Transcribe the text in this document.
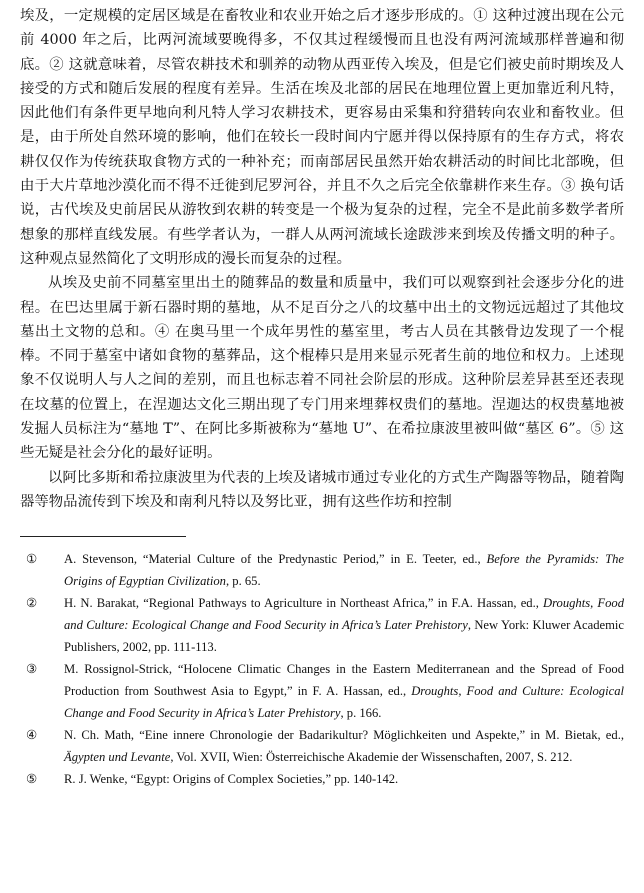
埃及，一定规模的定居区域是在畜牧业和农业开始之后才逐步形成的。① 这种过渡出现在公元前 4000 年之后，比两河流域要晚得多，不仅其过程缓慢而且也没有两河流域那样普遍和彻底。② 这就意味着，尽管农耕技术和驯养的动物从西亚传入埃及，但是它们被史前时期埃及人接受的方式和随后发展的程度有差异。生活在埃及北部的居民在地理位置上更加靠近利凡特，因此他们有条件更早地向利凡特人学习农耕技术，更容易由采集和狩猎转向农业和畜牧业。但是，由于所处自然环境的影响，他们在较长一段时间内宁愿并得以保持原有的生存方式，将农耕仅仅作为传统获取食物方式的一种补充；而南部居民虽然开始农耕活动的时间比北部晚，但由于大片草地沙漠化而不得不迁徙到尼罗河谷，并且不久之后完全依靠耕作来生存。③ 换句话说，古代埃及史前居民从游牧到农耕的转变是一个极为复杂的过程，完全不是此前多数学者所想象的那样直线发展。有些学者认为，一群人从两河流域长途跋涉来到埃及传播文明的种子。这种观点显然简化了文明形成的漫长而复杂的过程。

从埃及史前不同墓室里出土的随葬品的数量和质量中，我们可以观察到社会逐步分化的进程。在巴达里属于新石器时期的墓地，从不足百分之八的坟墓中出土的文物远远超过了其他坟墓出土文物的总和。④ 在奥马里一个成年男性的墓室里，考古人员在其骸骨边发现了一个棍棒。不同于墓室中诸如食物的墓葬品，这个棍棒只是用来显示死者生前的地位和权力。上述现象不仅说明人与人之间的差别，而且也标志着不同社会阶层的形成。这种阶层差异甚至还表现在坟墓的位置上，在涅迦达文化三期出现了专门用来埋葬权贵们的墓地。涅迦达的权贵墓地被发掘人员标注为“墓地 T”、在阿比多斯被称为“墓地 U”、在希拉康波里被叫做“墓区 6”。⑤ 这些无疑是社会分化的最好证明。

以阿比多斯和希拉康波里为代表的上埃及诸城市通过专业化的方式生产陶器等物品，随着陶器等物品流传到下埃及和南利凡特以及努比亚，拥有这些作坊和控制

①	A. Stevenson, “Material Culture of the Predynastic Period,” in E. Teeter, ed., Before the Pyramids: The Origins of Egyptian Civilization, p. 65.
②	H. N. Barakat, “Regional Pathways to Agriculture in Northeast Africa,” in F.A. Hassan, ed., Droughts, Food and Culture: Ecological Change and Food Security in Africa’s Later Prehistory, New York: Kluwer Academic Publishers, 2002, pp. 111-113.
③	M. Rossignol-Strick, “Holocene Climatic Changes in the Eastern Mediterranean and the Spread of Food Production from Southwest Asia to Egypt,” in F. A. Hassan, ed., Droughts, Food and Culture: Ecological Change and Food Security in Africa’s Later Prehistory, p. 166.
④	N. Ch. Math, “Eine innere Chronologie der Badarikultur? Möglichkeiten und Aspekte,” in M. Bietak, ed., Ägypten und Levante, Vol. XVII, Wien: Österreichische Akademie der Wissenschaften, 2007, S. 212.
⑤	R. J. Wenke, “Egypt: Origins of Complex Societies,” pp. 140-142.
